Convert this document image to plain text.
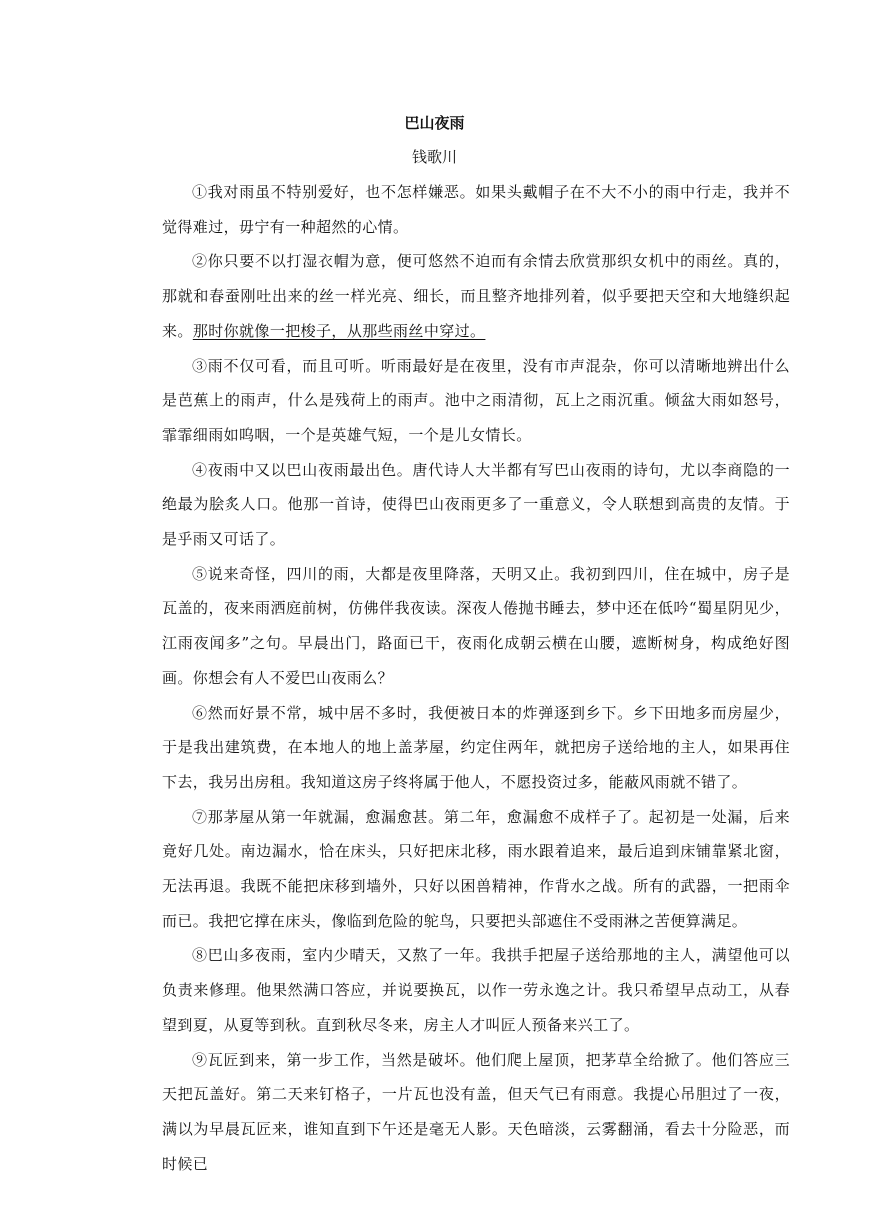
巴山夜雨

钱歌川

①我对雨虽不特别爱好，也不怎样嫌恶。如果头戴帽子在不大不小的雨中行走，我并不觉得难过，毋宁有一种超然的心情。

②你只要不以打湿衣帽为意，便可悠然不迫而有余情去欣赏那织女机中的雨丝。真的，那就和春蚕刚吐出来的丝一样光亮、细长，而且整齐地排列着，似乎要把天空和大地缝织起来。那时你就像一把梭子，从那些雨丝中穿过。

③雨不仅可看，而且可听。听雨最好是在夜里，没有市声混杂，你可以清晰地辨出什么是芭蕉上的雨声，什么是残荷上的雨声。池中之雨清彻，瓦上之雨沉重。倾盆大雨如怒号，霏霏细雨如呜咽，一个是英雄气短，一个是儿女情长。

④夜雨中又以巴山夜雨最出色。唐代诗人大半都有写巴山夜雨的诗句，尤以李商隐的一绝最为脍炙人口。他那一首诗，使得巴山夜雨更多了一重意义，令人联想到高贵的友情。于是乎雨又可话了。

⑤说来奇怪，四川的雨，大都是夜里降落，天明又止。我初到四川，住在城中，房子是瓦盖的，夜来雨洒庭前树，仿佛伴我夜读。深夜人倦抛书睡去，梦中还在低吟“蜀星阴见少，江雨夜闻多”之句。早晨出门，路面已干，夜雨化成朝云横在山腰，遮断树身，构成绝好图画。你想会有人不爱巴山夜雨么？

⑥然而好景不常，城中居不多时，我便被日本的炸弹逐到乡下。乡下田地多而房屋少，于是我出建筑费，在本地人的地上盖茅屋，约定住两年，就把房子送给地的主人，如果再住下去，我另出房租。我知道这房子终将属于他人，不愿投资过多，能蔽风雨就不错了。

⑦那茅屋从第一年就漏，愈漏愈甚。第二年，愈漏愈不成样子了。起初是一处漏，后来竟好几处。南边漏水，恰在床头，只好把床北移，雨水跟着追来，最后追到床铺靠紧北窗，无法再退。我既不能把床移到墙外，只好以困兽精神，作背水之战。所有的武器，一把雨伞而已。我把它撑在床头，像临到危险的鸵鸟，只要把头部遮住不受雨淋之苦便算满足。

⑧巴山多夜雨，室内少晴天，又熬了一年。我拱手把屋子送给那地的主人，满望他可以负责来修理。他果然满口答应，并说要换瓦，以作一劳永逸之计。我只希望早点动工，从春望到夏，从夏等到秋。直到秋尽冬来，房主人才叫匠人预备来兴工了。

⑨瓦匠到来，第一步工作，当然是破坏。他们爬上屋顶，把茅草全给掀了。他们答应三天把瓦盖好。第二天来钉格子，一片瓦也没有盖，但天气已有雨意。我提心吊胆过了一夜，满以为早晨瓦匠来，谁知直到下午还是毫无人影。天色暗淡，云雾翻涌，看去十分险恶，而时候已
